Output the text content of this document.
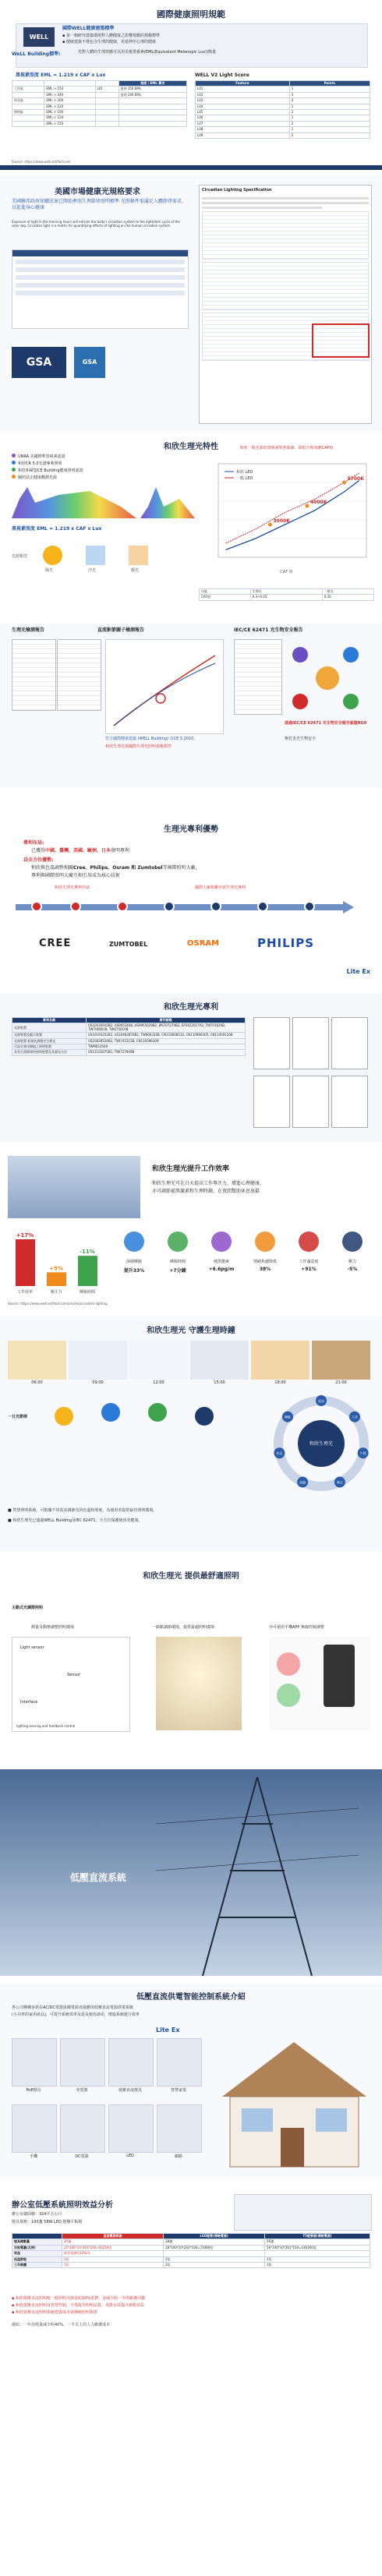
國際健康照明規範
國際WELL健康建築標準
▪ 第一個研究建築環境對人體健康之影響規範的規範標準
▪ 健康建築不僅包含生理的健康，更延伸至心理的健康
WELL
WeLL Building標準:	光對人體的生理效應可以用美視黑視素(EML(Equivalent Melanopic Lux))衡量
黑視素照度 EML = 1.219 x CAF x Lux	WELL V2 Light Score
			照度 / EML 需求
工作區	EML > 150	L01	達到 150 EML
	EML > 240		達到 240 EML
休息區	EML > 200		
	EML > 120		
照明區	EML > 100		
	EML > 120		
	EML > 150		
Feature	Points
L01	1
L02	3
L03	3
L04	1
L05	2
L06	1
L07	2
L08	1
L09	2
Source: https://www.wellcertified.com
美國市場健康光規格要求
美國聯邦政府採購法案已開始參照生理節律照明標準 光照條件需滿足人體節律需求，以促進身心健康
Exposure of light in the morning hours will entrain the body's circadian system to the light/dark cycle of the solar day. Circadian light is a metric for quantifying effects of lighting on the human circadian system.
GSA	GSA
Circadian Lighting Specification
和欣生理光特性
UNRA 美國標準黑視素認證
和欣CR 5.0光譜專利照明
和欣和歐盟CE Building健康照明認證
關照試正健康觀測光源
黑視素照度 EML = 1.219 x CAF x Lux
光源類型
陽光	冷光	暖光
5700K
4000K
3000K
CAF 值
和欣 LED
一般 LED
和欣一般光源的黑視素對照曲線，降低生理效應CAF值
功能	生理光	一般光
CAF值	0.3~0.35	0.35
生理光檢測報告	直流影節圖子檢測報告	IEC/CE 62471 光生物安全報告
符合國際健康建築 (WELL Building) 及CE S 2010。
和欣生理光與國際生理光照明規範相符
通過IEC/CE 62471 光生物安全報告認證RG0
無危害光生物安全
生理光專利優勢
專利布局:
已獲得中國、臺灣、美國、歐洲、日本發明專利
具全方位優勢:
和欣與色溫調整相關Cree、Philips、Osram 和 Zumtobel等國際照明大廠，
專利與國際照明大廠互相引用成為核心技術
和欣生理光專利申請	國際大廠相繼申請生理光專利
CREE	ZUMTOBEL	OSRAM	PHILIPS
Lite Ex
和欣生理光專利
專利名稱	專利號碼
光源裝置	US10030910B2, US9953408, US9955029B2, JP6707270B2, EP3422017A2, TW701626B, TW706961B, TW675010B
光源裝置及顯示裝置	US10193252B2, US10483870B2, TW669330B, CN110608510, CN110966305, CN110591208
光源裝置 低頻色調整光生理光	US10839524B2, TWI745215B, CN110596309
可設定發光模組之照明裝置	TWM614549
具有生理節律的照明裝置及其調光方法	US11102675B1, TWI727949B
和欣生理光提升工作效率
和欣生理光可在白天提高工作專注力，增進心理健康，
亦可調節褪黑激素和生理時鐘，在夜間幫助休息放鬆
+17%
工作效率
+5%
專注力
-11%
睡眠時間
深層睡眠
提升33%
睡眠時間
+7分鐘
褪黑激素
+6.6pg/m
情緒焦慮降低
38%
工作滿意度
+91%
壓力
-5%
Source: https://www.wellcertified.com/articles/circadian-lighting
和欣生理光 守護生理時鐘
06:00	09:00	12:00	15:00	18:00	21:00
一日光節律
和欣生理光
起床
工作
午餐
專注
放鬆
休息
睡眠
■ 智慧照明系統，可根據不同需求調節光的色溫和照度，為使用者提供最佳照明環境。
■ 和欣生理光已通過WELL Building及IEC 62471，全方位保護使用者健康。
和欣生理光 提供最舒適照明
主動式光調節照明
測量及動態調整照明環境	一路點調節環境，提供最適照明環境	亦可使用手機APP 無線控制調整
Light sensor
Sensor
Interface
lighting sensing and feedback control
低壓直流系統
低壓直流供電智能控制系統介紹
各公司種種多供在AC/DC電器設備電源直接應用低壓直流電源供電系統
(小功率的家用產品)，可提升系統效率及延長使用壽命，增進系統運行效率
Lite Ex
PoE燈具	充電器	低壓直流燈具	智慧家電
手機	DC電源	LED	網路
辦公室低壓系統照明效益分析
辦公室總面積：324平方公尺
燈具規格：100盞 58W LED 燈盤平板燈
	直流電源系統	LED燈管(傳統電源)	T5燈管燈(傳統電源)
燈具總數量	25盞	28盞	56盞
年耗電量(瓦時)	25*100*10*261*100=65250度	28*100*10*261*100=73080度	56*100*10*261*100=146160度
效益	節省電費約10%/年		
低溫節能	2倍	2倍	1倍
三年維護	1倍	2倍	3倍
▪ 和欣低壓直流照明較一般照明可節省約10%電費，並減少約一半的維護次數
▪ 和欣低壓直流照明及智慧控制，不僅提升照明品質，更能有效提升節能效益
▪ 和欣低壓直流照明系統建置成本與傳統照明相當
總結：一年消耗量減少約40%，一半以上的人力維護成本
